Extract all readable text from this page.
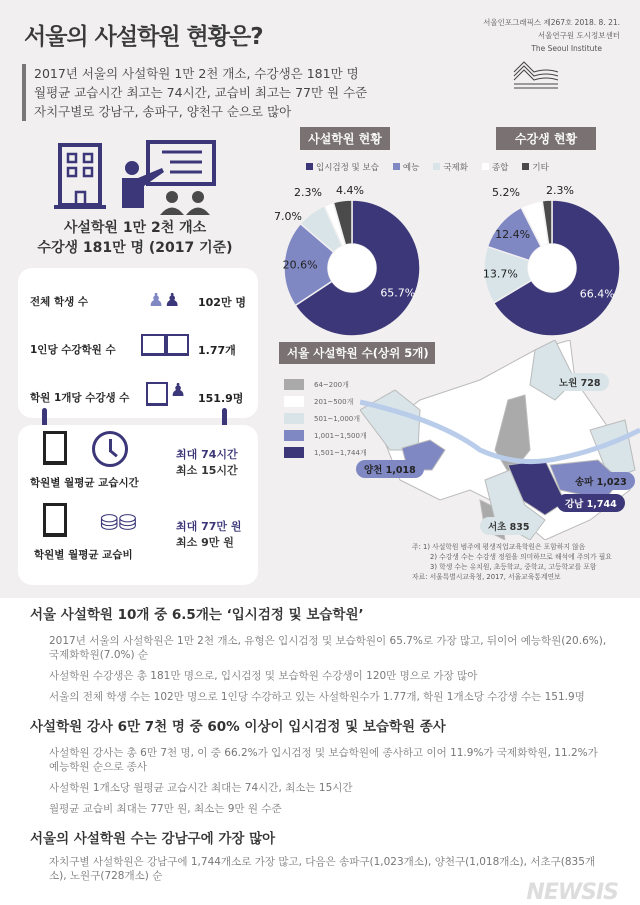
서울의 사설학원 현황은?
서울인포그래픽스 제267호 2018. 8. 21.
서울연구원 도시정보센터
The Seoul Institute
2017년 서울의 사설학원 1만 2천 개소, 수강생은 181만 명
월평균 교습시간 최고는 74시간, 교습비 최고는 77만 원 수준
자치구별로 강남구, 송파구, 양천구 순으로 많아
사설학원 1만 2천 개소
수강생 181만 명 (2017 기준)
전체 학생 수	102만 명
♟♟
1인당 수강학원 수	1.77개
학원 1개당 수강생 수	151.9명
♟
학원별 월평균 교습시간
최대 74시간
최소 15시간
⛁⛁
학원별 월평균 교습비
최대 77만 원
최소 9만 원
사설학원 현황	수강생 현황
입시검정 및 보습	예능	국제화	종합	기타
65.7%
20.6%
7.0%
2.3% 4.4%
66.4%
13.7%
12.4%
5.2% 2.3%
서울 사설학원 수(상위 5개)
64~200개
201~500개
501~1,000개
1,001~1,500개
1,501~1,744개
노원 728
양천 1,018
송파 1,023
강남 1,744
서초 835
주: 1) 사설학원 범주에 평생직업교육학원은 포함하지 않음
2) 수강생 수는 수강생 정원을 의미하므로 해석에 주의가 필요
3) 학생 수는 유치원, 초등학교, 중학교, 고등학교를 포함
자료: 서울특별시교육청, 2017, 서울교육통계연보
서울 사설학원 10개 중 6.5개는 ‘입시검정 및 보습학원’
2017년 서울의 사설학원은 1만 2천 개소, 유형은 입시검정 및 보습학원이 65.7%로 가장 많고, 뒤이어 예능학원(20.6%), 국제화학원(7.0%) 순
사설학원 수강생은 총 181만 명으로, 입시검정 및 보습학원 수강생이 120만 명으로 가장 많아
서울의 전체 학생 수는 102만 명으로 1인당 수강하고 있는 사설학원수가 1.77개, 학원 1개소당 수강생 수는 151.9명
사설학원 강사 6만 7천 명 중 60% 이상이 입시검정 및 보습학원 종사
사설학원 강사는 총 6만 7천 명, 이 중 66.2%가 입시검정 및 보습학원에 종사하고 이어 11.9%가 국제화학원, 11.2%가 예능학원 순으로 종사
사설학원 1개소당 월평균 교습시간 최대는 74시간, 최소는 15시간
월평균 교습비 최대는 77만 원, 최소는 9만 원 수준
서울의 사설학원 수는 강남구에 가장 많아
자치구별 사설학원은 강남구에 1,744개소로 가장 많고, 다음은 송파구(1,023개소), 양천구(1,018개소), 서초구(835개소), 노원구(728개소) 순
NEWSIS
